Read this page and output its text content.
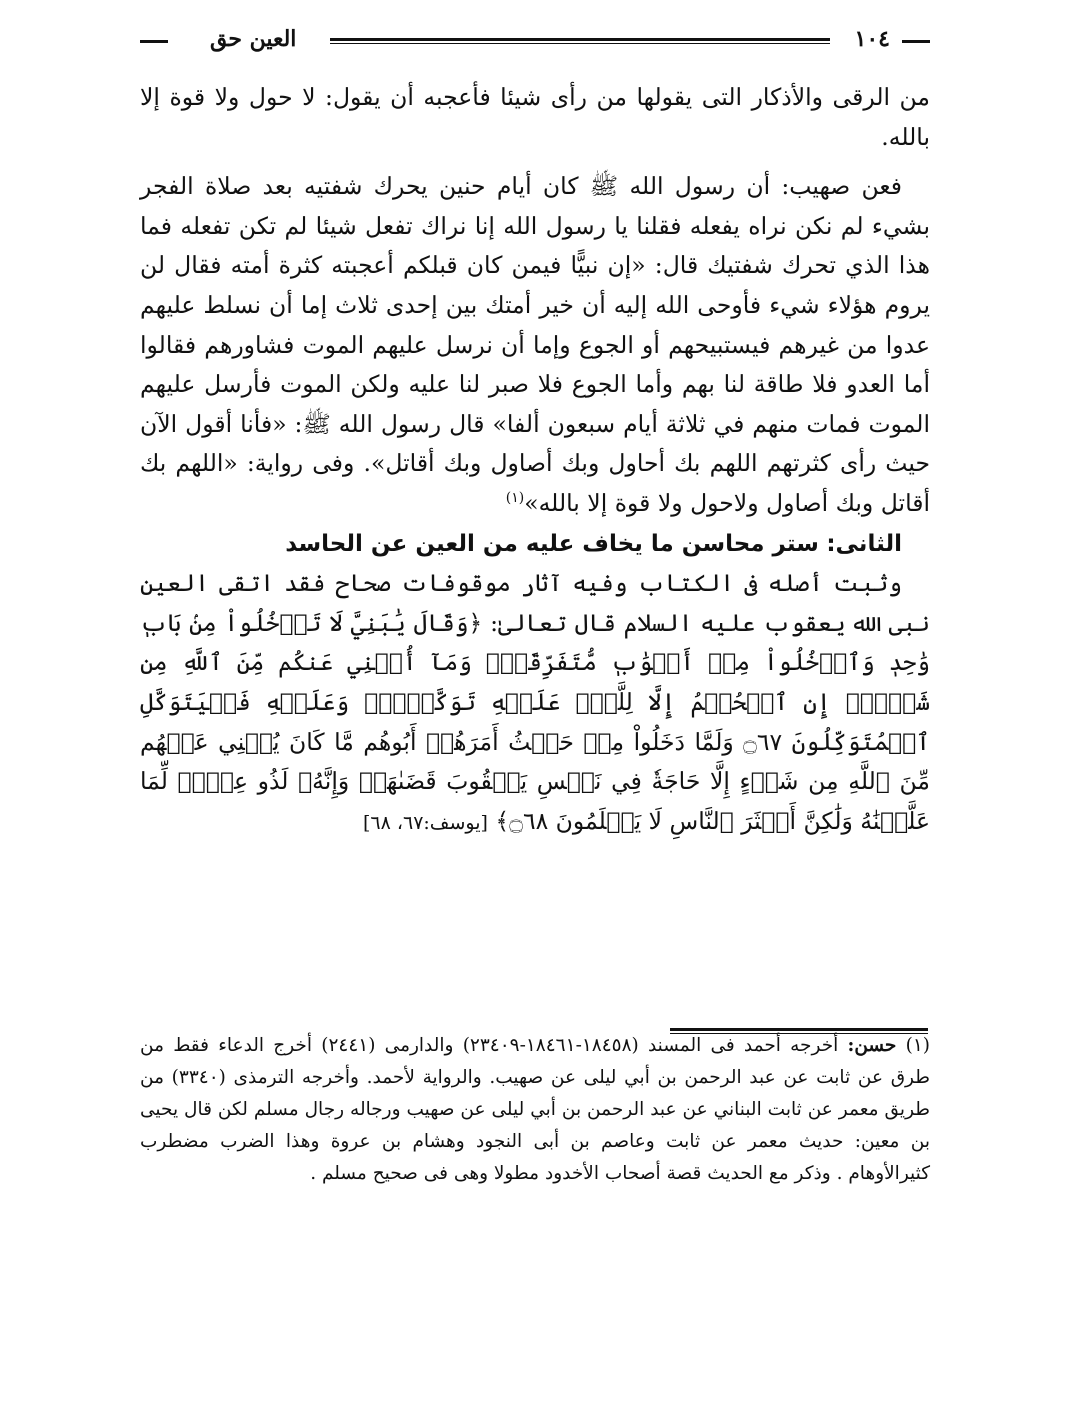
١٠٤
العين حق

من الرقى والأذكار التى يقولها من رأى شيئا فأعجبه أن يقول: لا حول ولا قوة إلا بالله.

فعن صهيب: أن رسول الله ﷺ كان أيام حنين يحرك شفتيه بعد صلاة الفجر بشيء لم نكن نراه يفعله فقلنا يا رسول الله إنا نراك تفعل شيئا لم تكن تفعله فما هذا الذي تحرك شفتيك قال: «إن نبيًّا فيمن كان قبلكم أعجبته كثرة أمته فقال لن يروم هؤلاء شيء فأوحى الله إليه أن خير أمتك بين إحدى ثلاث إما أن نسلط عليهم عدوا من غيرهم فيستبيحهم أو الجوع وإما أن نرسل عليهم الموت فشاورهم فقالوا أما العدو فلا طاقة لنا بهم وأما الجوع فلا صبر لنا عليه ولكن الموت فأرسل عليهم الموت فمات منهم في ثلاثة أيام سبعون ألفا» قال رسول الله ﷺ: «فأنا أقول الآن حيث رأى كثرتهم اللهم بك أحاول وبك أصاول وبك أقاتل». وفى رواية: «اللهم بك أقاتل وبك أصاول ولاحول ولا قوة إلا بالله»$^{(١)}$

الثانى: ستر محاسن ما يخاف عليه من العين عن الحاسد

وثبت أصله فى الكتاب وفيه آثار موقوفات صحاح فقد اتقى العين نبى الله يعقوب عليه السلام قال تعالىٰ: ﴿وَقَالَ يَٰبَنِيَّ لَا تَدۡخُلُواْ مِنۢ بَابٖ وَٰحِدٖ وَٱدۡخُلُواْ مِنۡ أَبۡوَٰبٖ مُّتَفَرِّقَةٖۖ وَمَآ أُغۡنِي عَنكُم مِّنَ ٱللَّهِ مِن شَيۡءٍۖ إِنِ ٱلۡحُكۡمُ إِلَّا لِلَّهِۖ عَلَيۡهِ تَوَكَّلۡتُۖ وَعَلَيۡهِ فَلۡيَتَوَكَّلِ ٱلۡمُتَوَكِّلُونَ ۝٦٧ وَلَمَّا دَخَلُواْ مِنۡ حَيۡثُ أَمَرَهُمۡ أَبُوهُم مَّا كَانَ يُغۡنِي عَنۡهُم مِّنَ ٱللَّهِ مِن شَيۡءٍ إِلَّا حَاجَةٗ فِي نَفۡسِ يَعۡقُوبَ قَضَىٰهَاۚ وَإِنَّهُۥ لَذُو عِلۡمٖ لِّمَا عَلَّمۡنَٰهُ وَلَٰكِنَّ أَكۡثَرَ ٱلنَّاسِ لَا يَعۡلَمُونَ ۝٦٨﴾ [يوسف:٦٧، ٦٨]

(١) حسن: أخرجه أحمد فى المسند (١٨٤٥٨-١٨٤٦١-٢٣٤٠٩) والدارمى (٢٤٤١) أخرج الدعاء فقط من طرق عن ثابت عن عبد الرحمن بن أبي ليلى عن صهيب. والرواية لأحمد. وأخرجه الترمذى (٣٣٤٠) من طريق معمر عن ثابت البناني عن عبد الرحمن بن أبي ليلى عن صهيب ورجاله رجال مسلم لكن قال يحيى بن معين: حديث معمر عن ثابت وعاصم بن أبى النجود وهشام بن عروة وهذا الضرب مضطرب كثيرالأوهام . وذكر مع الحديث قصة أصحاب الأخدود مطولا وهى فى صحيح مسلم .
